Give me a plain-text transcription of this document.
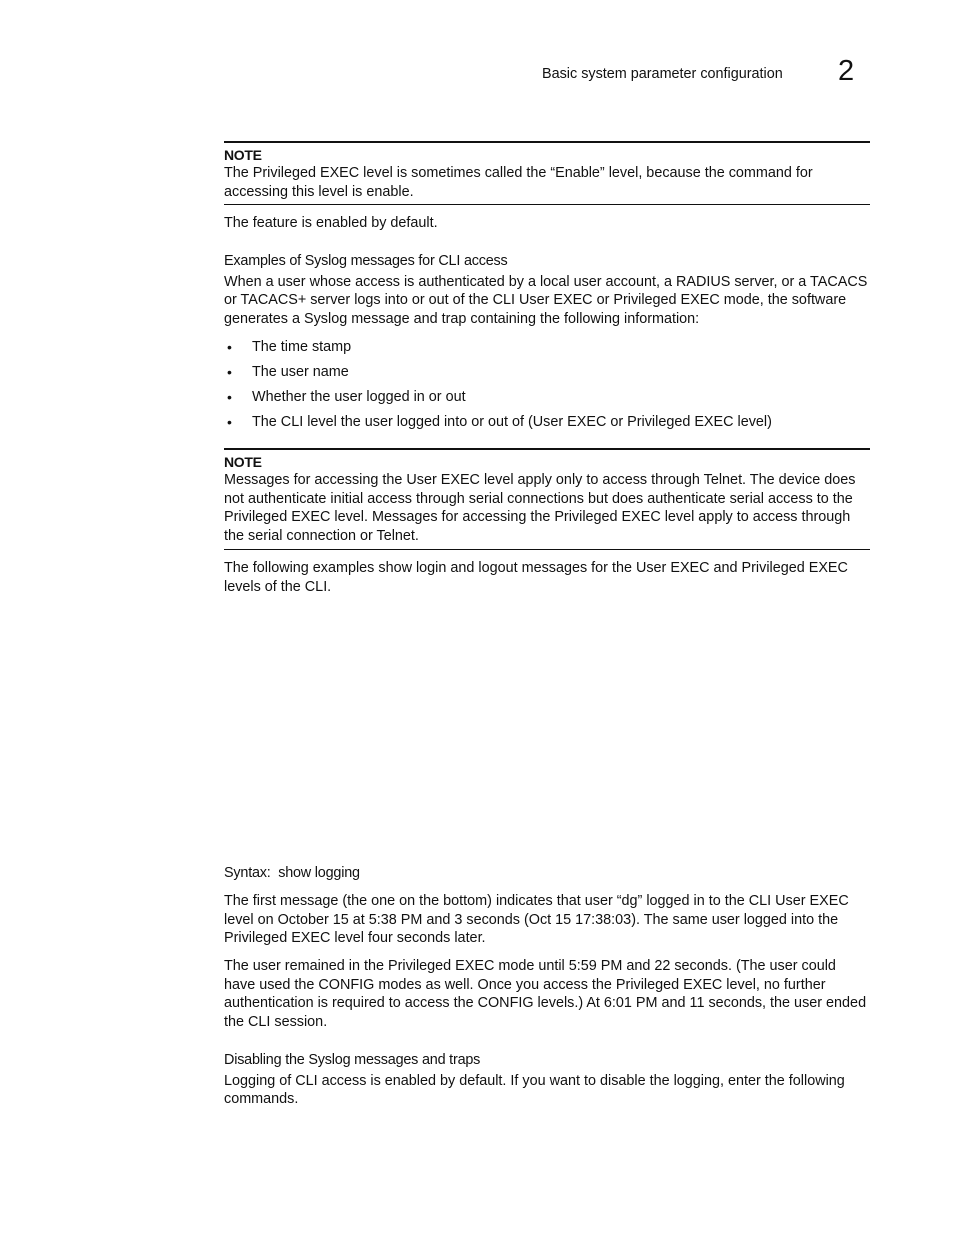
Basic system parameter configuration 2
NOTE

The Privileged EXEC level is sometimes called the “Enable” level, because the command for accessing this level is enable.

The feature is enabled by default.

Examples of Syslog messages for CLI access

When a user whose access is authenticated by a local user account, a RADIUS server, or a TACACS or TACACS+ server logs into or out of the CLI User EXEC or Privileged EXEC mode, the software generates a Syslog message and trap containing the following information:

• The time stamp
• The user name
• Whether the user logged in or out
• The CLI level the user logged into or out of (User EXEC or Privileged EXEC level)
NOTE

Messages for accessing the User EXEC level apply only to access through Telnet. The device does not authenticate initial access through serial connections but does authenticate serial access to the Privileged EXEC level. Messages for accessing the Privileged EXEC level apply to access through the serial connection or Telnet.

The following examples show login and logout messages for the User EXEC and Privileged EXEC levels of the CLI.

Syntax: show logging

The first message (the one on the bottom) indicates that user “dg” logged in to the CLI User EXEC level on October 15 at 5:38 PM and 3 seconds (Oct 15 17:38:03). The same user logged into the Privileged EXEC level four seconds later.

The user remained in the Privileged EXEC mode until 5:59 PM and 22 seconds. (The user could have used the CONFIG modes as well. Once you access the Privileged EXEC level, no further authentication is required to access the CONFIG levels.) At 6:01 PM and 11 seconds, the user ended the CLI session.

Disabling the Syslog messages and traps

Logging of CLI access is enabled by default. If you want to disable the logging, enter the following commands.
